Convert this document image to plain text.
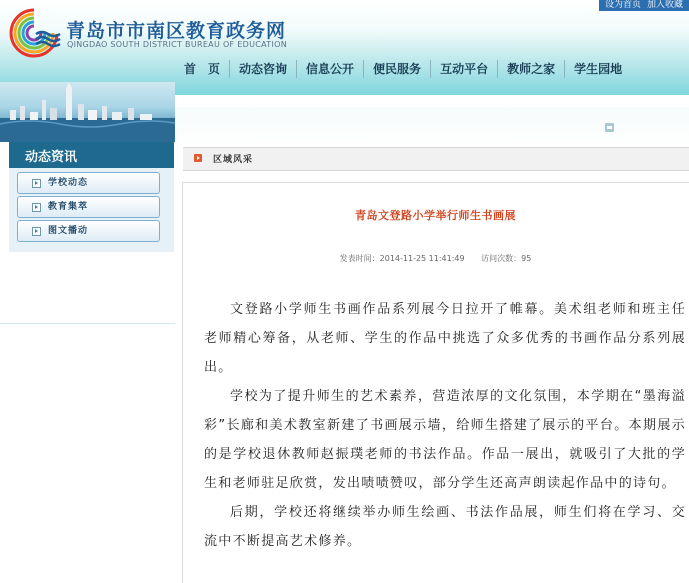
青岛市市南区教育政务网
QINGDAO SOUTH DISTRICT BUREAU OF EDUCATION
设为首页 加入收藏
首　页	动态咨询	信息公开	便民服务	互动平台	教师之家	学生园地
动态资讯
学校动态
教育集萃
图文播动
区域风采
青岛文登路小学举行师生书画展
发表时间：2014-11-25 11:41:49 访问次数：95

文登路小学师生书画作品系列展今日拉开了帷幕。美术组老师和班主任老师精心筹备，从老师、学生的作品中挑选了众多优秀的书画作品分系列展出。

学校为了提升师生的艺术素养，营造浓厚的文化氛围，本学期在“墨海溢彩”长廊和美术教室新建了书画展示墙，给师生搭建了展示的平台。本期展示的是学校退休教师赵振璞老师的书法作品。作品一展出，就吸引了大批的学生和老师驻足欣赏，发出啧啧赞叹，部分学生还高声朗读起作品中的诗句。

后期，学校还将继续举办师生绘画、书法作品展，师生们将在学习、交流中不断提高艺术修养。
